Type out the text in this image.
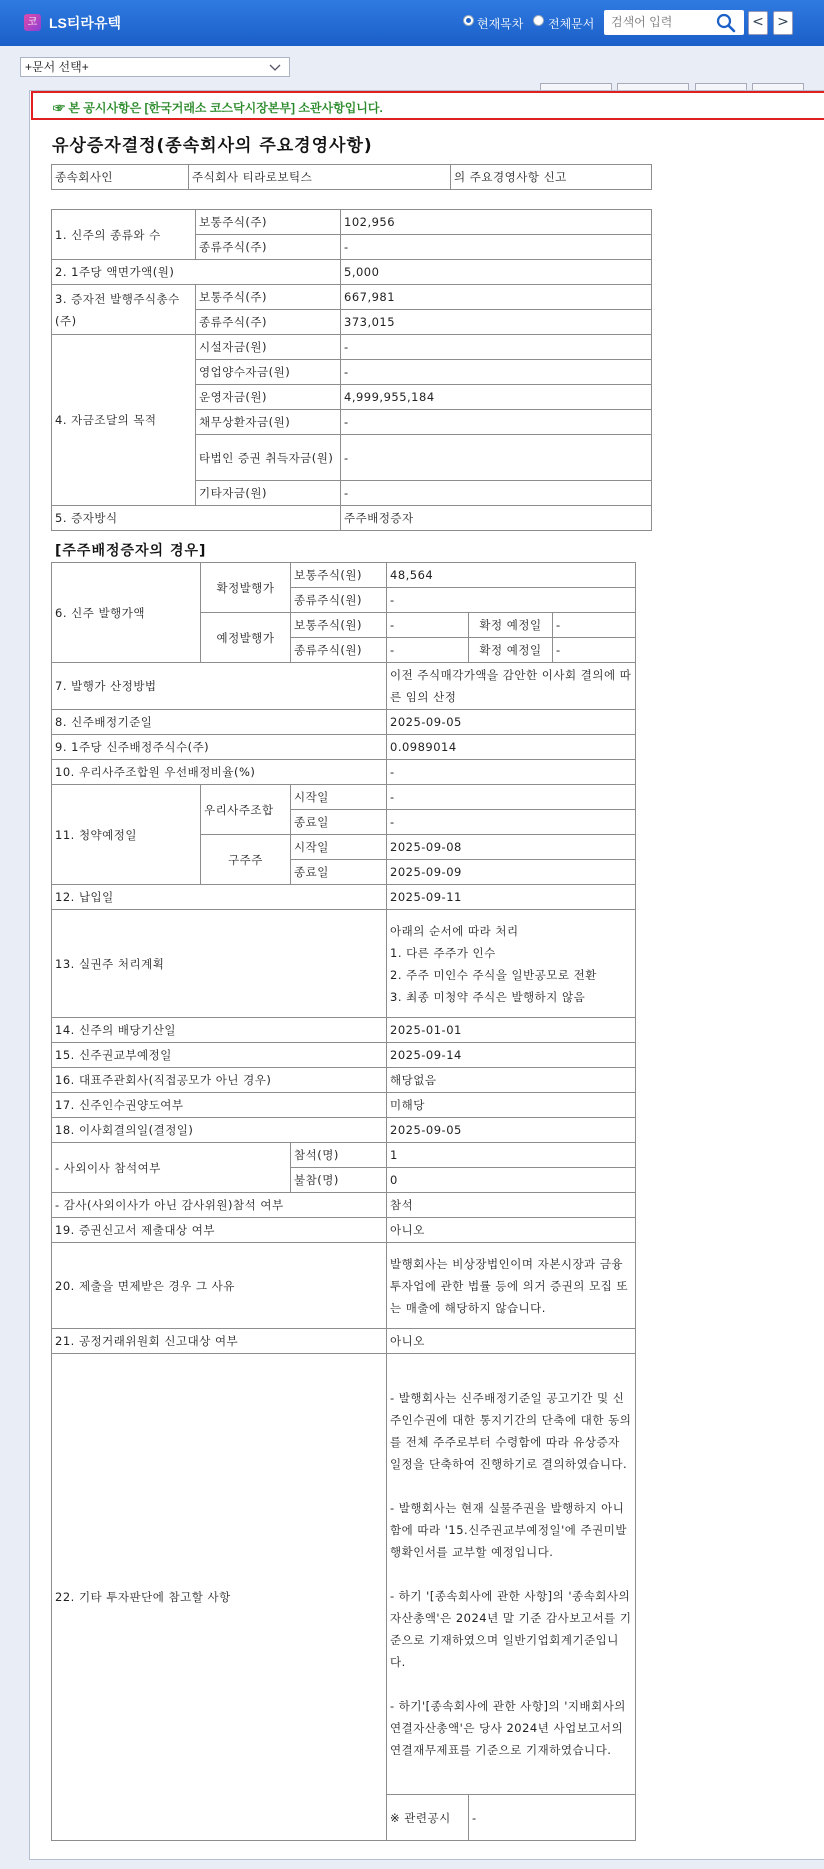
코 LS티라유텍	현재목차 전체문서
검색어 입력	< >
+문서 선택+
☞ 본 공시사항은 [한국거래소 코스닥시장본부] 소관사항입니다.
유상증자결정(종속회사의 주요경영사항)
종속회사인	주식회사 티라로보틱스	의 주요경영사항 신고
1. 신주의 종류와 수	보통주식(주)	102,956
	종류주식(주)	-
2. 1주당 액면가액(원)		5,000
3. 증자전 발행주식총수(주)	보통주식(주)	667,981
	종류주식(주)	373,015
4. 자금조달의 목적	시설자금(원)	-
	영업양수자금(원)	-
	운영자금(원)	4,999,955,184
	채무상환자금(원)	-
	타법인 증권 취득자금(원)	-
	기타자금(원)	-
5. 증자방식		주주배정증자
[주주배정증자의 경우]
6. 신주 발행가액	확정발행가	보통주식(원)	48,564		
		종류주식(원)	-		
	예정발행가	보통주식(원)	-	확정 예정일	-
		종류주식(원)	-	확정 예정일	-
7. 발행가 산정방법			이전 주식매각가액을 감안한 이사회 결의에 따른 임의 산정		
8. 신주배정기준일			2025-09-05		
9. 1주당 신주배정주식수(주)			0.0989014		
10. 우리사주조합원 우선배정비율(%)			-		
11. 청약예정일	우리사주조합	시작일	-		
		종료일	-		
	구주주	시작일	2025-09-08		
		종료일	2025-09-09		
12. 납입일			2025-09-11		
13. 실권주 처리계획			아래의 순서에 따라 처리
1. 다른 주주가 인수
2. 주주 미인수 주식을 일반공모로 전환
3. 최종 미청약 주식은 발행하지 않음		
14. 신주의 배당기산일			2025-01-01		
15. 신주권교부예정일			2025-09-14		
16. 대표주관회사(직접공모가 아닌 경우)			해당없음		
17. 신주인수권양도여부			미해당		
18. 이사회결의일(결정일)			2025-09-05		
- 사외이사 참석여부		참석(명)	1		
		불참(명)	0		
- 감사(사외이사가 아닌 감사위원)참석 여부			참석		
19. 증권신고서 제출대상 여부			아니오		
20. 제출을 면제받은 경우 그 사유			발행회사는 비상장법인이며 자본시장과 금융투자업에 관한 법률 등에 의거 증권의 모집 또는 매출에 해당하지 않습니다.		
21. 공정거래위원회 신고대상 여부			아니오		
22. 기타 투자판단에 참고할 사항			- 발행회사는 신주배정기준일 공고기간 및 신주인수권에 대한 통지기간의 단축에 대한 동의를 전체 주주로부터 수령함에 따라 유상증자 일정을 단축하여 진행하기로 결의하였습니다.

- 발행회사는 현재 실물주권을 발행하지 아니함에 따라 '15.신주권교부예정일'에 주권미발행확인서를 교부할 예정입니다.

- 하기 '[종속회사에 관한 사항]의 '종속회사의 자산총액'은 2024년 말 기준 감사보고서를 기준으로 기재하였으며 일반기업회계기준입니다.

- 하기'[종속회사에 관한 사항]의 '지배회사의 연결자산총액'은 당사 2024년 사업보고서의 연결재무제표를 기준으로 기재하였습니다.		
			※ 관련공시	-	
